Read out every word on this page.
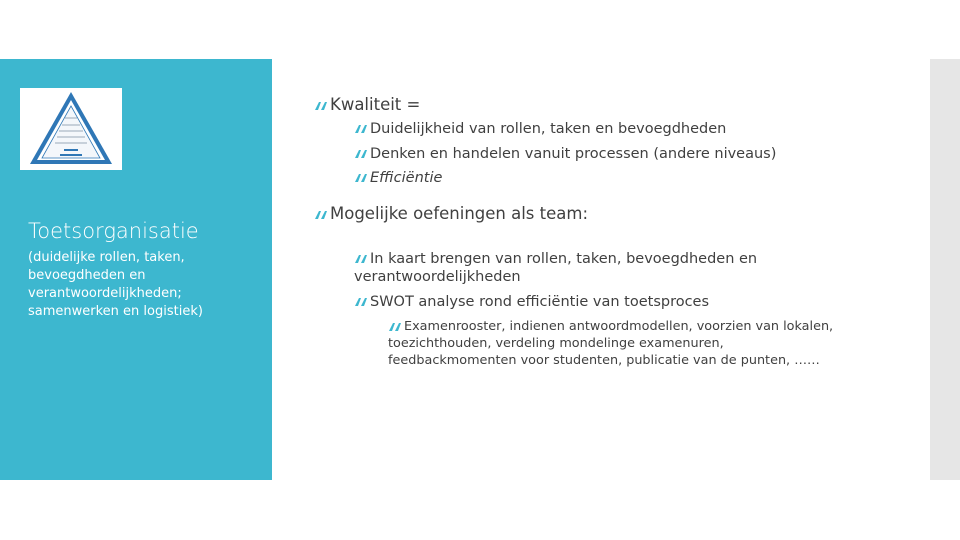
Toetsorganisatie
(duidelijke rollen, taken, bevoegdheden en verantwoordelijkheden; samenwerken en logistiek)
Kwaliteit =
Duidelijkheid van rollen, taken en bevoegdheden
Denken en handelen vanuit processen (andere niveaus)
Efficiëntie
Mogelijke oefeningen als team:
In kaart brengen van rollen, taken, bevoegdheden en verantwoordelijkheden
SWOT analyse rond efficiëntie van toetsproces
Examenrooster, indienen antwoordmodellen, voorzien van lokalen, toezichthouden, verdeling mondelinge examenuren, feedbackmomenten voor studenten, publicatie van de punten, ……
